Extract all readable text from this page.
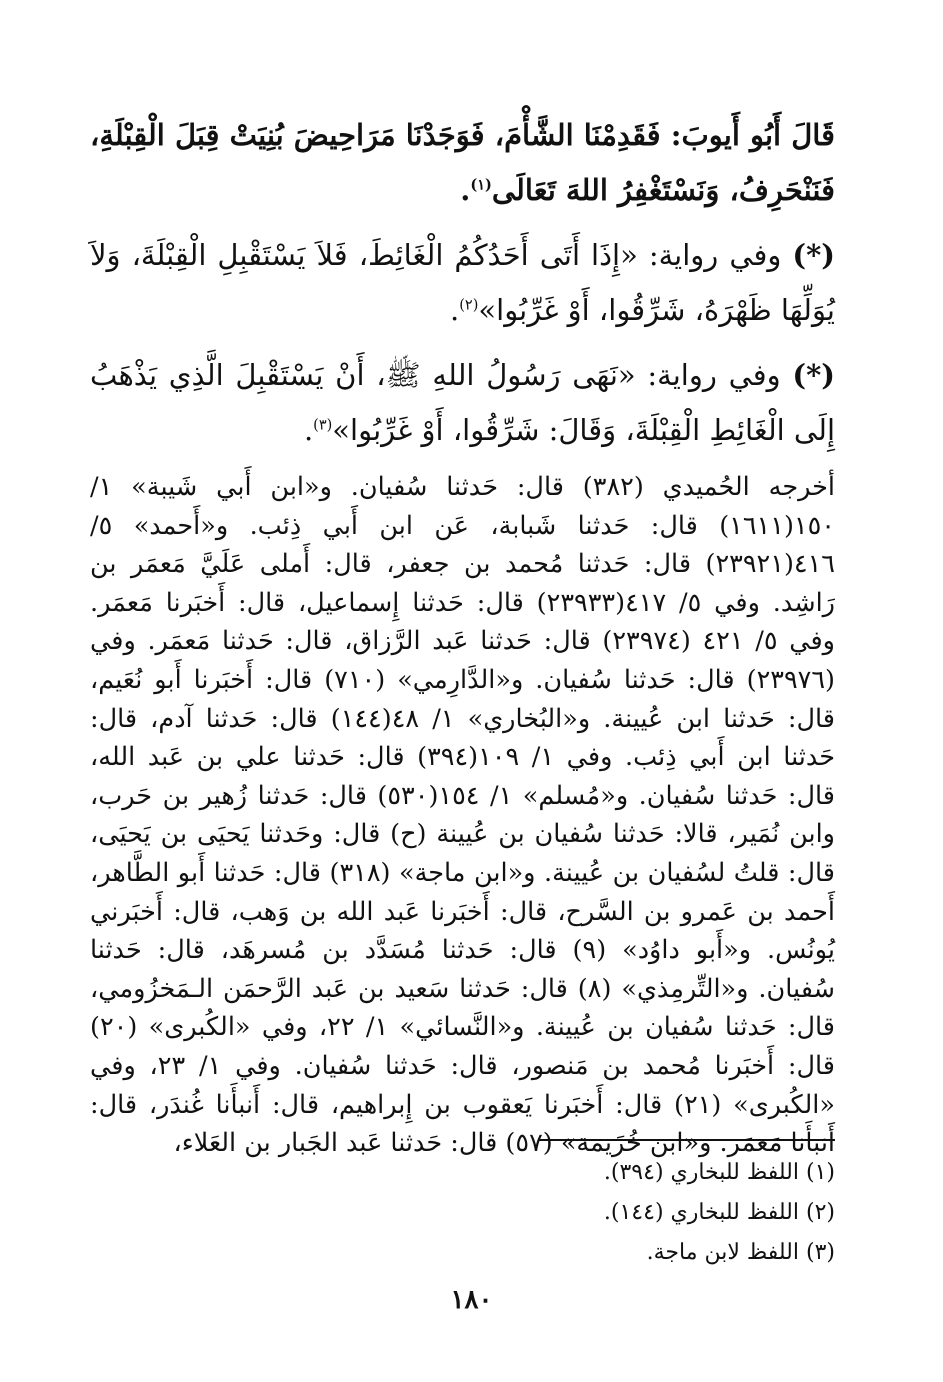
قَالَ أَبُو أَيوبَ: فَقَدِمْنَا الشَّأْمَ، فَوَجَدْنَا مَرَاحِيضَ بُنِيَتْ قِبَلَ الْقِبْلَةِ، فَنَنْحَرِفُ، وَنَسْتَغْفِرُ اللهَ تَعَالَى$^{(١)}$.

(*) وفي رواية: «إِذَا أَتَى أَحَدُكُمُ الْغَائِطَ، فَلاَ يَسْتَقْبِلِ الْقِبْلَةَ، وَلاَ يُوَلِّهَا ظَهْرَهُ، شَرِّقُوا، أَوْ غَرِّبُوا»$^{(٢)}$.

(*) وفي رواية: «نَهَى رَسُولُ اللهِ ﷺ، أَنْ يَسْتَقْبِلَ الَّذِي يَذْهَبُ إِلَى الْغَائِطِ الْقِبْلَةَ، وَقَالَ: شَرِّقُوا، أَوْ غَرِّبُوا»$^{(٣)}$.

أخرجه الحُميدي (٣٨٢) قال: حَدثنا سُفيان. و«ابن أَبي شَيبة» ١/ ١٥٠(١٦١١) قال: حَدثنا شَبابة، عَن ابن أَبي ذِئب. و«أَحمد» ٥/ ٤١٦(٢٣٩٢١) قال: حَدثنا مُحمد بن جعفر، قال: أَملى عَلَيَّ مَعمَر بن رَاشِد. وفي ٥/ ٤١٧(٢٣٩٣٣) قال: حَدثنا إِسماعيل، قال: أَخبَرنا مَعمَر. وفي ٥/ ٤٢١ (٢٣٩٧٤) قال: حَدثنا عَبد الرَّزاق، قال: حَدثنا مَعمَر. وفي (٢٣٩٧٦) قال: حَدثنا سُفيان. و«الدَّارِمي» (٧١٠) قال: أَخبَرنا أَبو نُعَيم، قال: حَدثنا ابن عُيينة. و«البُخاري» ١/ ٤٨(١٤٤) قال: حَدثنا آدم، قال: حَدثنا ابن أَبي ذِئب. وفي ١/ ١٠٩(٣٩٤) قال: حَدثنا علي بن عَبد الله، قال: حَدثنا سُفيان. و«مُسلم» ١/ ١٥٤(٥٣٠) قال: حَدثنا زُهير بن حَرب، وابن نُمَير، قالا: حَدثنا سُفيان بن عُيينة (ح) قال: وحَدثنا يَحيَى بن يَحيَى، قال: قلتُ لسُفيان بن عُيينة. و«ابن ماجة» (٣١٨) قال: حَدثنا أَبو الطَّاهر، أَحمد بن عَمرو بن السَّرح، قال: أَخبَرنا عَبد الله بن وَهب، قال: أَخبَرني يُونُس. و«أَبو داوُد» (٩) قال: حَدثنا مُسَدَّد بن مُسرهَد، قال: حَدثنا سُفيان. و«التِّرمِذي» (٨) قال: حَدثنا سَعيد بن عَبد الرَّحمَن الـمَخزُومي، قال: حَدثنا سُفيان بن عُيينة. و«النَّسائي» ١/ ٢٢، وفي «الكُبرى» (٢٠) قال: أَخبَرنا مُحمد بن مَنصور، قال: حَدثنا سُفيان. وفي ١/ ٢٣، وفي «الكُبرى» (٢١) قال: أَخبَرنا يَعقوب بن إِبراهيم، قال: أَنبأَنا غُندَر، قال: أَنبأَنا مَعمَر. و«ابن خُزَيمة» (٥٧) قال: حَدثنا عَبد الجَبار بن العَلاء،

(١) اللفظ للبخاري (٣٩٤).

(٢) اللفظ للبخاري (١٤٤).

(٣) اللفظ لابن ماجة.

١٨٠
